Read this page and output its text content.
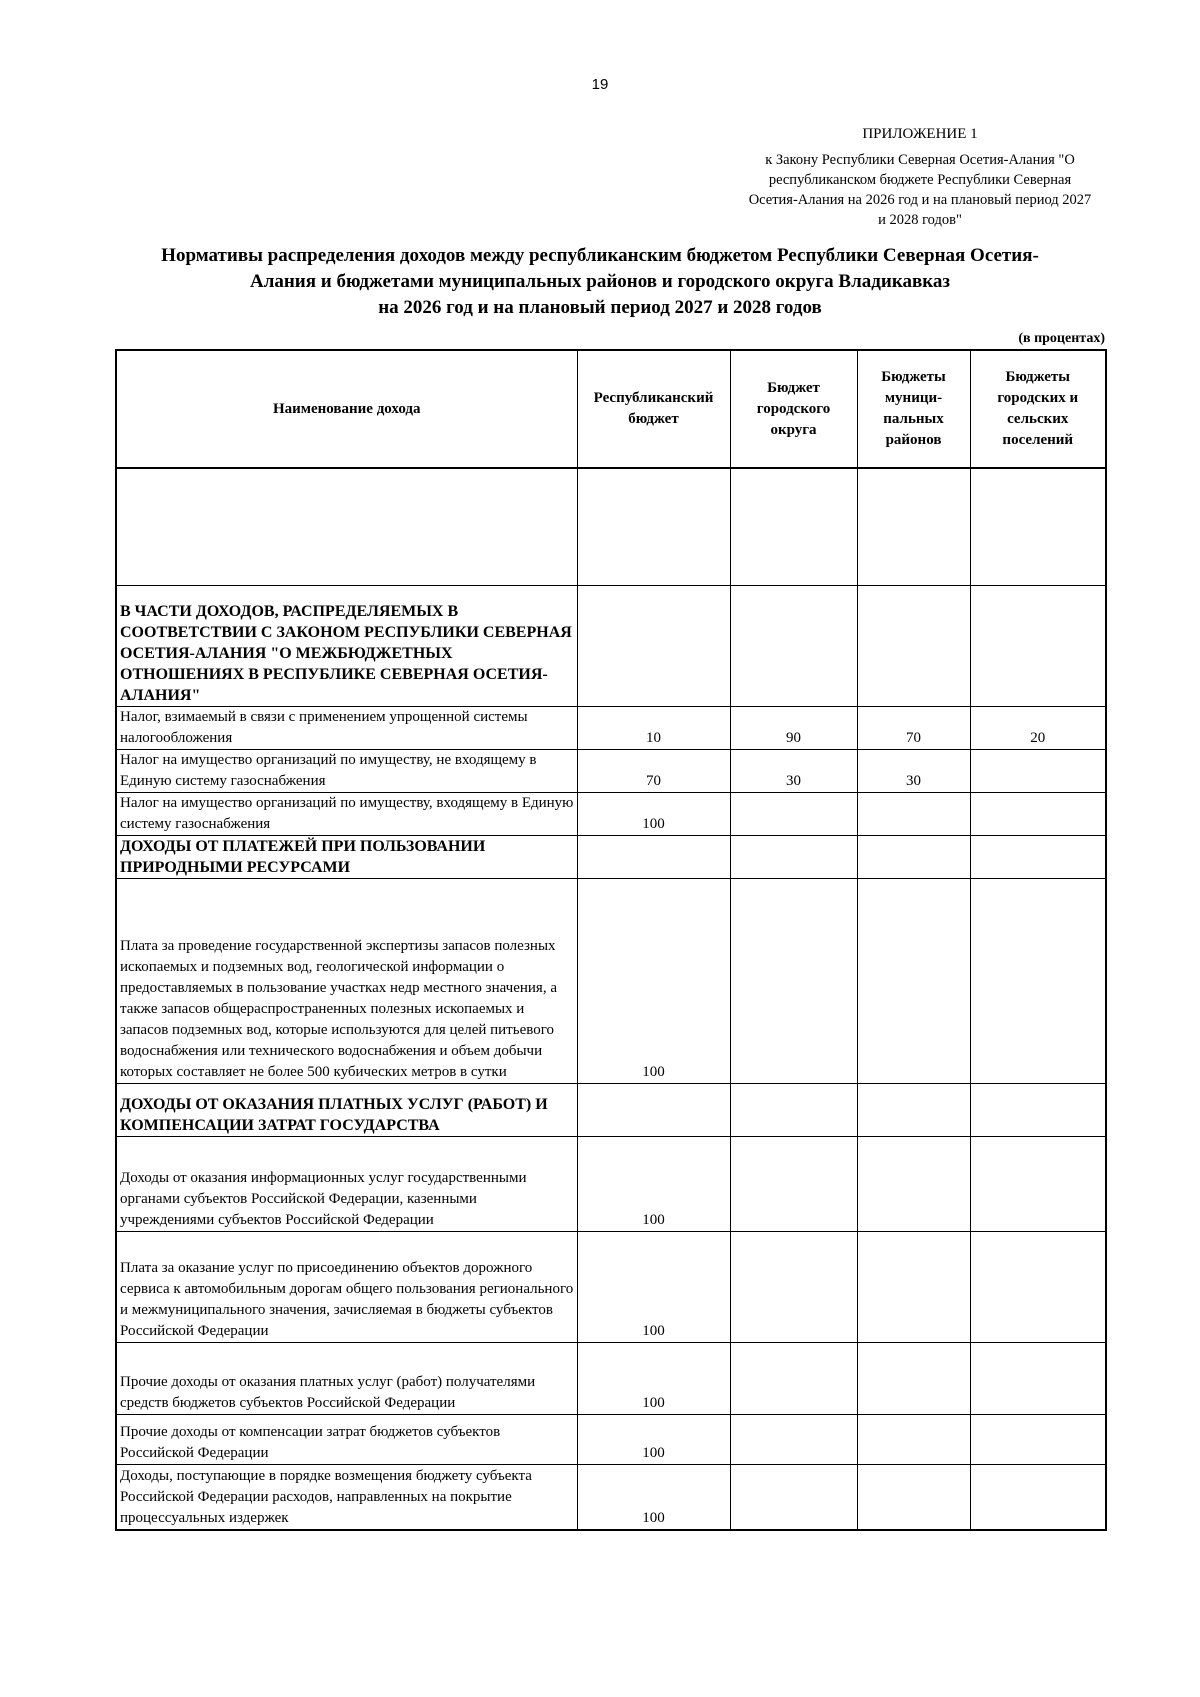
19
ПРИЛОЖЕНИЕ 1
к Закону Республики Северная Осетия-Алания "О
республиканском бюджете Республики Северная
Осетия-Алания на 2026 год и на плановый период 2027
и 2028 годов"
Нормативы распределения доходов между республиканским бюджетом Республики Северная Осетия-
Алания и бюджетами муниципальных районов и городского округа Владикавказ
на 2026 год и на плановый период 2027 и 2028 годов
(в процентах)
Наименование дохода	Республиканский бюджет	Бюджет городского округа	Бюджеты муници-пальных районов	Бюджеты городских и сельских поселений

В ЧАСТИ ДОХОДОВ, РАСПРЕДЕЛЯЕМЫХ В СООТВЕТСТВИИ С ЗАКОНОМ РЕСПУБЛИКИ СЕВЕРНАЯ ОСЕТИЯ-АЛАНИЯ "О МЕЖБЮДЖЕТНЫХ ОТНОШЕНИЯХ В РЕСПУБЛИКЕ СЕВЕРНАЯ ОСЕТИЯ-АЛАНИЯ"				
Налог, взимаемый в связи с применением упрощенной системы налогообложения	10	90	70	20
Налог на имущество организаций по имуществу, не входящему в Единую систему газоснабжения	70	30	30	
Налог на имущество организаций по имуществу, входящему в Единую систему газоснабжения	100			
ДОХОДЫ ОТ ПЛАТЕЖЕЙ ПРИ ПОЛЬЗОВАНИИ ПРИРОДНЫМИ РЕСУРСАМИ				
Плата за проведение государственной экспертизы запасов полезных ископаемых и подземных вод, геологической информации о предоставляемых в пользование участках недр местного значения, а также запасов общераспространенных полезных ископаемых и запасов подземных вод, которые используются для целей питьевого водоснабжения или технического водоснабжения и объем добычи которых составляет не более 500 кубических метров в сутки	100			
ДОХОДЫ ОТ ОКАЗАНИЯ ПЛАТНЫХ УСЛУГ (РАБОТ) И КОМПЕНСАЦИИ ЗАТРАТ ГОСУДАРСТВА				
Доходы от оказания информационных услуг государственными органами субъектов Российской Федерации, казенными учреждениями субъектов Российской Федерации	100			
Плата за оказание услуг по присоединению объектов дорожного сервиса к автомобильным дорогам общего пользования регионального и межмуниципального значения, зачисляемая в бюджеты субъектов Российской Федерации	100			
Прочие доходы от оказания платных услуг (работ) получателями средств бюджетов субъектов Российской Федерации	100			
Прочие доходы от компенсации затрат бюджетов субъектов Российской Федерации	100			
Доходы, поступающие в порядке возмещения бюджету субъекта Российской Федерации расходов, направленных на покрытие процессуальных издержек	100			
